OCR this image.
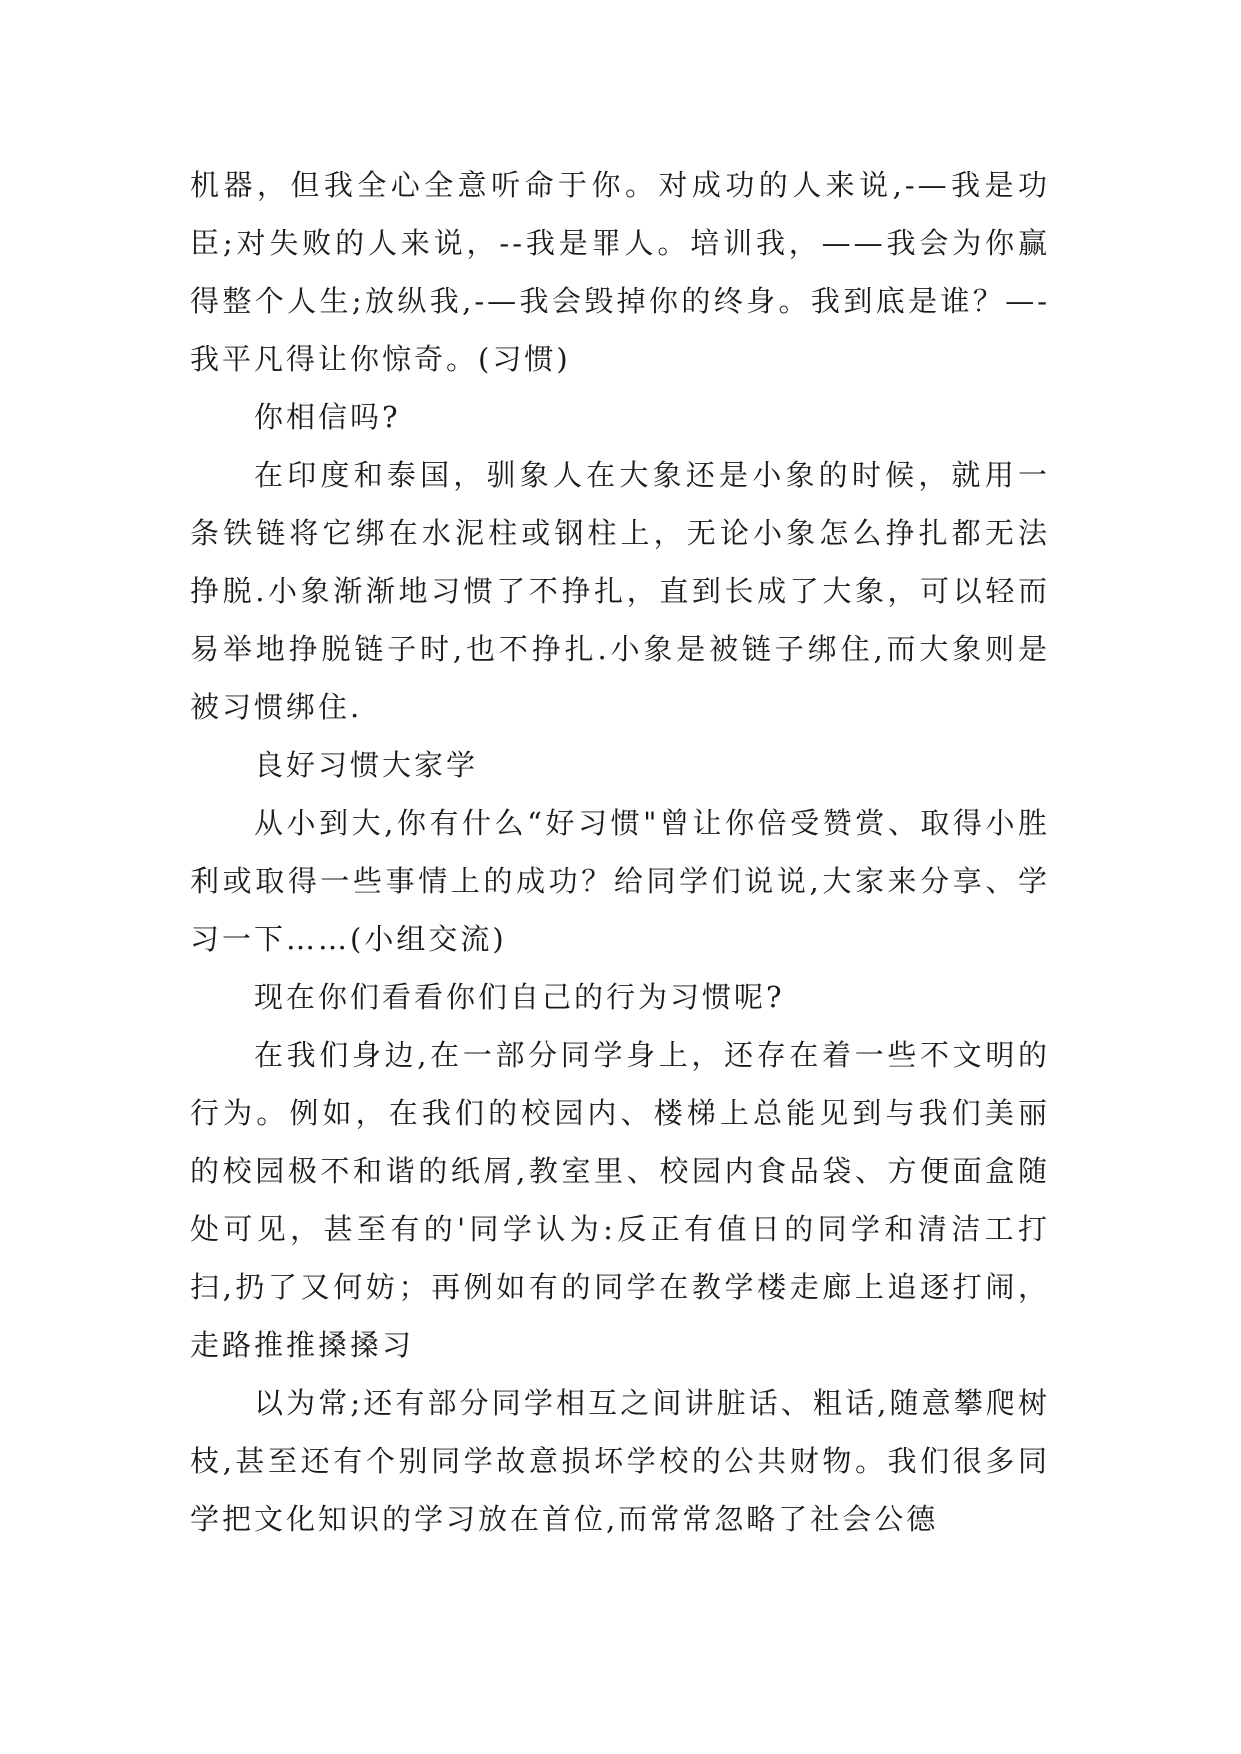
机器，但我全心全意听命于你。对成功的人来说,-—我是功臣;对失败的人来说，--我是罪人。培训我，——我会为你赢得整个人生;放纵我,-—我会毁掉你的终身。我到底是谁？—-我平凡得让你惊奇。(习惯)

你相信吗?

在印度和泰国，驯象人在大象还是小象的时候，就用一条铁链将它绑在水泥柱或钢柱上，无论小象怎么挣扎都无法挣脱.小象渐渐地习惯了不挣扎，直到长成了大象，可以轻而易举地挣脱链子时,也不挣扎.小象是被链子绑住,而大象则是被习惯绑住.

良好习惯大家学

从小到大,你有什么“好习惯"曾让你倍受赞赏、取得小胜利或取得一些事情上的成功？给同学们说说,大家来分享、学习一下……(小组交流)

现在你们看看你们自己的行为习惯呢?

在我们身边,在一部分同学身上，还存在着一些不文明的行为。例如，在我们的校园内、楼梯上总能见到与我们美丽的校园极不和谐的纸屑,教室里、校园内食品袋、方便面盒随处可见，甚至有的'同学认为:反正有值日的同学和清洁工打扫,扔了又何妨；再例如有的同学在教学楼走廊上追逐打闹，走路推推搡搡习

以为常;还有部分同学相互之间讲脏话、粗话,随意攀爬树枝,甚至还有个别同学故意损坏学校的公共财物。我们很多同学把文化知识的学习放在首位,而常常忽略了社会公德
